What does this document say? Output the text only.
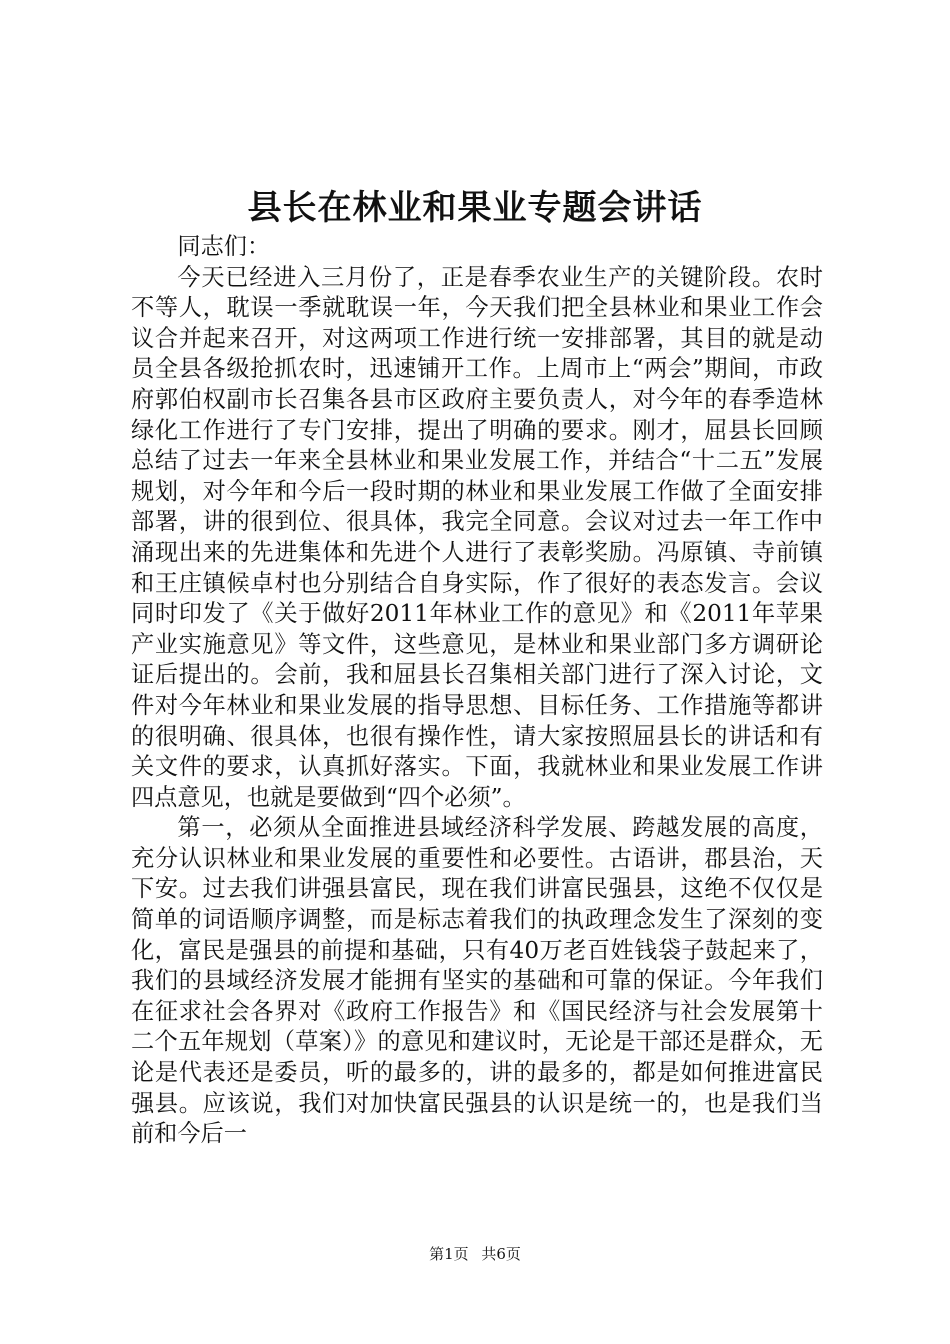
县长在林业和果业专题会讲话

同志们：

今天已经进入三月份了，正是春季农业生产的关键阶段。农时不等人，耽误一季就耽误一年，今天我们把全县林业和果业工作会议合并起来召开，对这两项工作进行统一安排部署，其目的就是动员全县各级抢抓农时，迅速铺开工作。上周市上“两会”期间，市政府郭伯权副市长召集各县市区政府主要负责人，对今年的春季造林绿化工作进行了专门安排，提出了明确的要求。刚才，屈县长回顾总结了过去一年来全县林业和果业发展工作，并结合“十二五”发展规划，对今年和今后一段时期的林业和果业发展工作做了全面安排部署，讲的很到位、很具体，我完全同意。会议对过去一年工作中涌现出来的先进集体和先进个人进行了表彰奖励。冯原镇、寺前镇和王庄镇候卓村也分别结合自身实际，作了很好的表态发言。会议同时印发了《关于做好2011年林业工作的意见》和《2011年苹果产业实施意见》等文件，这些意见，是林业和果业部门多方调研论证后提出的。会前，我和屈县长召集相关部门进行了深入讨论，文件对今年林业和果业发展的指导思想、目标任务、工作措施等都讲的很明确、很具体，也很有操作性，请大家按照屈县长的讲话和有关文件的要求，认真抓好落实。下面，我就林业和果业发展工作讲四点意见，也就是要做到“四个必须”。

第一，必须从全面推进县域经济科学发展、跨越发展的高度，充分认识林业和果业发展的重要性和必要性。古语讲，郡县治，天下安。过去我们讲强县富民，现在我们讲富民强县，这绝不仅仅是简单的词语顺序调整，而是标志着我们的执政理念发生了深刻的变化，富民是强县的前提和基础，只有40万老百姓钱袋子鼓起来了，我们的县域经济发展才能拥有坚实的基础和可靠的保证。今年我们在征求社会各界对《政府工作报告》和《国民经济与社会发展第十二个五年规划（草案）》的意见和建议时，无论是干部还是群众，无论是代表还是委员，听的最多的，讲的最多的，都是如何推进富民强县。应该说，我们对加快富民强县的认识是统一的，也是我们当前和今后一

第1页 共6页
